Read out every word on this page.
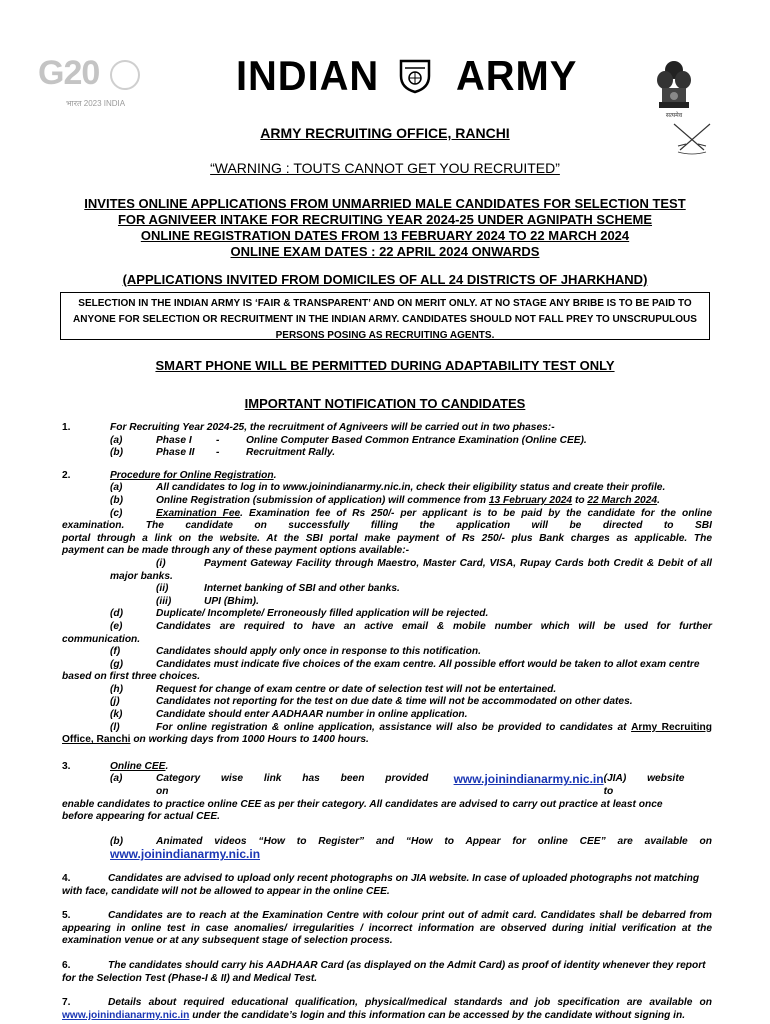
G20
भारत 2023 INDIA
INDIAN ARMY
सत्यमेव
ARMY RECRUITING OFFICE, RANCHI
“WARNING : TOUTS CANNOT GET YOU RECRUITED”
INVITES ONLINE APPLICATIONS FROM UNMARRIED MALE CANDIDATES FOR SELECTION TEST
FOR AGNIVEER INTAKE FOR RECRUITING YEAR 2024-25 UNDER AGNIPATH SCHEME
ONLINE REGISTRATION DATES FROM 13 FEBRUARY 2024 TO 22 MARCH 2024
ONLINE EXAM DATES : 22 APRIL 2024 ONWARDS
(APPLICATIONS INVITED FROM DOMICILES OF ALL 24 DISTRICTS OF JHARKHAND)
SELECTION IN THE INDIAN ARMY IS ‘FAIR & TRANSPARENT’ AND ON MERIT ONLY. AT NO STAGE ANY BRIBE IS TO BE PAID TO
ANYONE FOR SELECTION OR RECRUITMENT IN THE INDIAN ARMY. CANDIDATES SHOULD NOT FALL PREY TO UNSCRUPULOUS
PERSONS POSING AS RECRUITING AGENTS.
SMART PHONE WILL BE PERMITTED DURING ADAPTABILITY TEST ONLY
IMPORTANT NOTIFICATION TO CANDIDATES
1.	For Recruiting Year 2024-25, the recruitment of Agniveers will be carried out in two phases:-
(a)	Phase I -	Online Computer Based Common Entrance Examination (Online CEE).
(b)	Phase II -	Recruitment Rally.
2.	Procedure for Online Registration.
(a)	All candidates to log in to www.joinindianarmy.nic.in, check their eligibility status and create their profile.
(b)	Online Registration (submission of application) will commence from 13 February 2024 to 22 March 2024.
(c)	Examination Fee. Examination fee of Rs 250/- per applicant is to be paid by the candidate for the online
examination. The candidate on successfully filling the application will be directed to SBI
portal through a link on the website. At the SBI portal make payment of Rs 250/- plus Bank charges as applicable. The
payment can be made through any of these payment options available:-
(i)	Payment Gateway Facility through Maestro, Master Card, VISA, Rupay Cards both Credit & Debit of all
major banks.
(ii)	Internet banking of SBI and other banks.
(iii)	UPI (Bhim).
(d)	Duplicate/ Incomplete/ Erroneously filled application will be rejected.
(e)	Candidates are required to have an active email & mobile number which will be used for further
communication.
(f)	Candidates should apply only once in response to this notification.
(g)	Candidates must indicate five choices of the exam centre. All possible effort would be taken to allot exam centre
based on first three choices.
(h)	Request for change of exam centre or date of selection test will not be entertained.
(j)	Candidates not reporting for the test on due date & time will not be accommodated on other dates.
(k)	Candidate should enter AADHAAR number in online application.
(l)	For online registration & online application, assistance will also be provided to candidates at Army Recruiting
Office, Ranchi on working days from 1000 Hours to 1400 hours.
3.	Online CEE.
(a)	Category wise link has been provided on
www.joinindianarmy.nic.in (JIA) website to
enable candidates to practice online CEE as per their category. All candidates are advised to carry out practice at least once
before appearing for actual CEE.
(b)	Animated videos “How to Register” and “How to Appear for online CEE” are available on
www.joinindianarmy.nic.in
4.	Candidates are advised to upload only recent photographs on JIA website. In case of uploaded photographs not matching
with face, candidate will not be allowed to appear in the online CEE.
5.	Candidates are to reach at the Examination Centre with colour print out of admit card. Candidates shall be debarred from
appearing in online test in case anomalies/ irregularities / incorrect information are observed during initial verification at the
examination venue or at any subsequent stage of selection process.
6.	The candidates should carry his AADHAAR Card (as displayed on the Admit Card) as proof of identity whenever they report
for the Selection Test (Phase-I & II) and Medical Test.
7.	Details about required educational qualification, physical/medical standards and job specification are available on
www.joinindianarmy.nic.in under the candidate’s login and this information can be accessed by the candidate without signing in.
